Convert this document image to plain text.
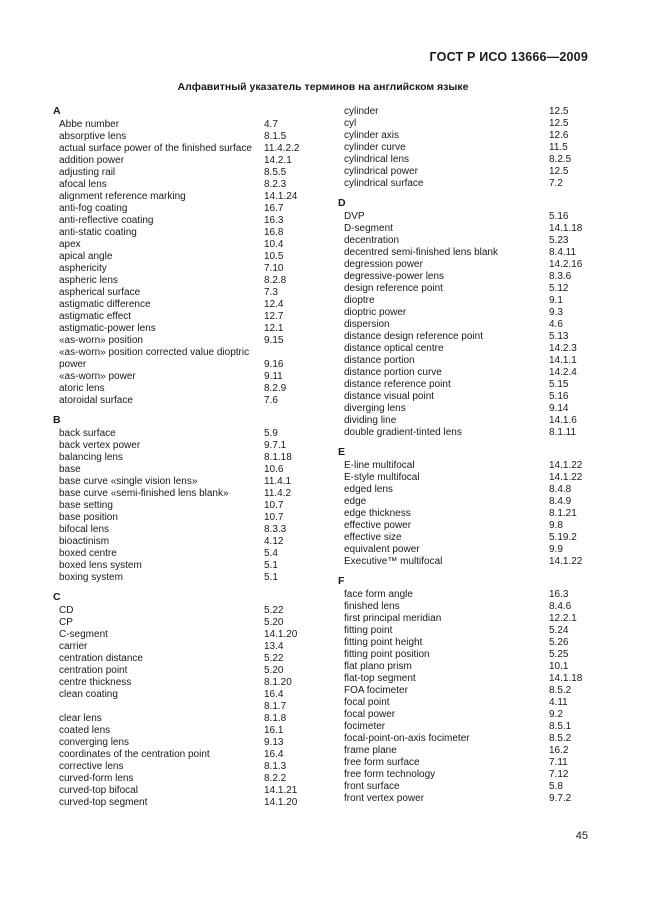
ГОСТ Р ИСО 13666—2009
Алфавитный указатель терминов на английском языке
A
Abbe number	4.7
absorptive lens	8.1.5
actual surface power of the finished surface 11.4.2.2
addition power	14.2.1
adjusting rail	8.5.5
afocal lens	8.2.3
alignment reference marking	14.1.24
anti-fog coating	16.7
anti-reflective coating	16.3
anti-static coating	16.8
apex	10.4
apical angle	10.5
asphericity	7.10
aspheric lens	8.2.8
aspherical surface	7.3
astigmatic difference	12.4
astigmatic effect	12.7
astigmatic-power lens	12.1
«as-worn» position	9.15
«as-worn» position corrected value dioptric
power	9.16
«as-worn» power	9.11
atoric lens	8.2.9
atoroidal surface	7.6
B
back surface	5.9
back vertex power	9.7.1
balancing lens	8.1.18
base	10.6
base curve «single vision lens»	11.4.1
base curve «semi-finished lens blank»	11.4.2
base setting	10.7
base position	10.7
bifocal lens	8.3.3
bioactinism	4.12
boxed centre	5.4
boxed lens system	5.1
boxing system	5.1
C
CD	5.22
CP	5.20
C-segment	14.1.20
carrier	13.4
centration distance	5.22
centration point	5.20
centre thickness	8.1.20
clean coating	16.4
8.1.7
clear lens	8.1.8
coated lens	16.1
converging lens	9.13
coordinates of the centration point	16.4
corrective lens	8.1.3
curved-form lens	8.2.2
curved-top bifocal	14.1.21
curved-top segment	14.1.20
cylinder	12.5
cyl	12.5
cylinder axis	12.6
cylinder curve	11.5
cylindrical lens	8.2.5
cylindrical power	12.5
cylindrical surface	7.2
D
DVP	5.16
D-segment	14.1.18
decentration	5.23
decentred semi-finished lens blank	8.4.11
degression power	14.2.16
degressive-power lens	8.3.6
design reference point	5.12
dioptre	9.1
dioptric power	9.3
dispersion	4.6
distance design reference point	5.13
distance optical centre	14.2.3
distance portion	14.1.1
distance portion curve	14.2.4
distance reference point	5.15
distance visual point	5.16
diverging lens	9.14
dividing line	14.1.6
double gradient-tinted lens	8.1.11
E
E-line multifocal	14.1.22
E-style multifocal	14.1.22
edged lens	8.4.8
edge	8.4.9
edge thickness	8.1.21
effective power	9.8
effective size	5.19.2
equivalent power	9.9
Executive™ multifocal	14.1.22
F
face form angle	16.3
finished lens	8.4.6
first principal meridian	12.2.1
fitting point	5.24
fitting point height	5.26
fitting point position	5.25
flat plano prism	10.1
flat-top segment	14.1.18
FOA focimeter	8.5.2
focal point	4.11
focal power	9.2
focimeter	8.5.1
focal-point-on-axis focimeter	8.5.2
frame plane	16.2
free form surface	7.11
free form technology	7.12
front surface	5.8
front vertex power	9.7.2
45
